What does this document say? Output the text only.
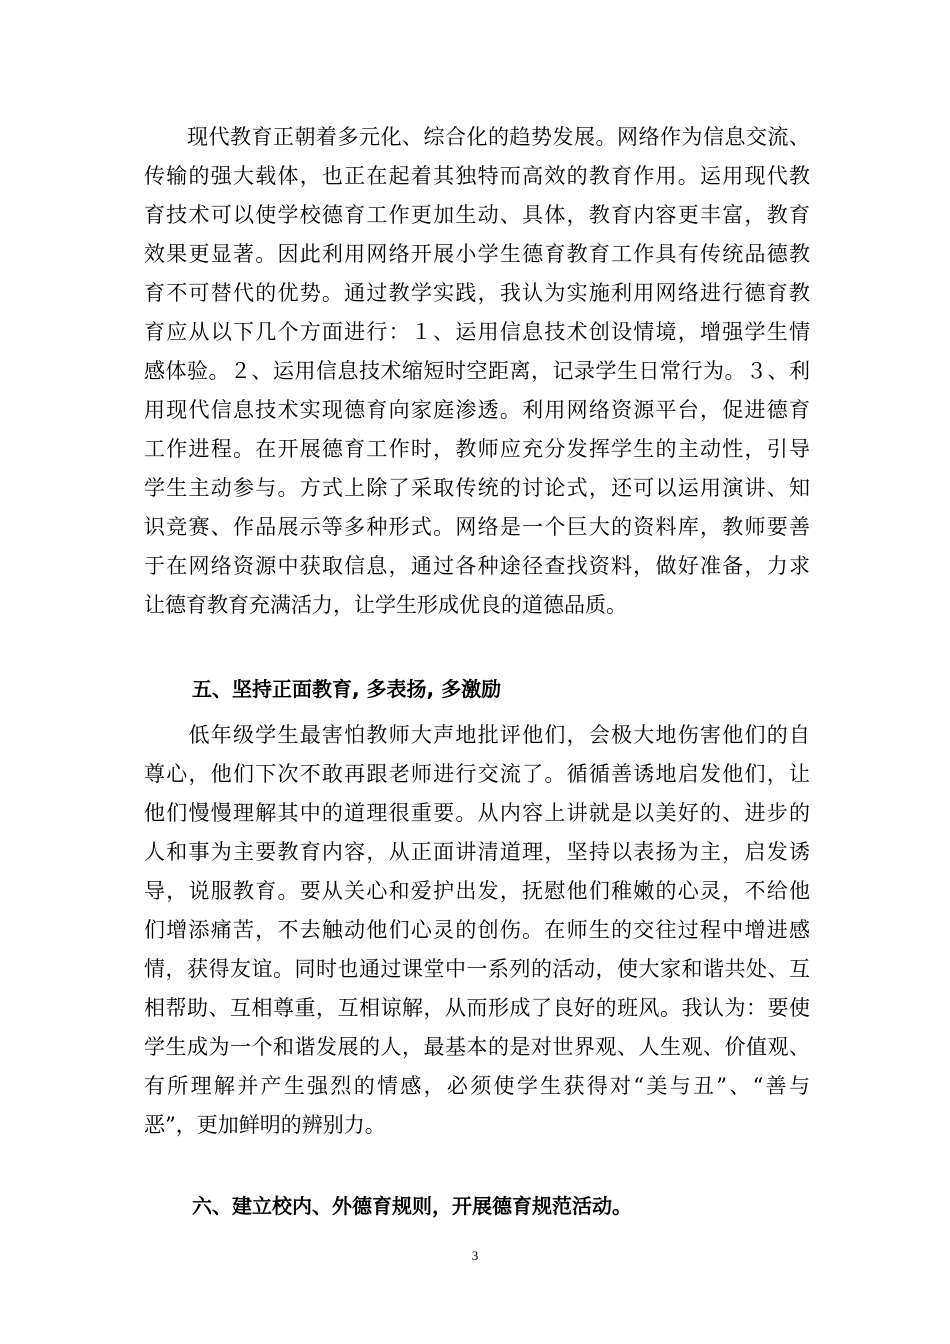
　　现代教育正朝着多元化、综合化的趋势发展。网络作为信息交流、
传输的强大载体，也正在起着其独特而高效的教育作用。运用现代教
育技术可以使学校德育工作更加生动、具体，教育内容更丰富，教育
效果更显著。因此利用网络开展小学生德育教育工作具有传统品德教
育不可替代的优势。通过教学实践，我认为实施利用网络进行德育教
育应从以下几个方面进行：１、运用信息技术创设情境，增强学生情
感体验。２、运用信息技术缩短时空距离，记录学生日常行为。３、利
用现代信息技术实现德育向家庭渗透。利用网络资源平台，促进德育
工作进程。在开展德育工作时，教师应充分发挥学生的主动性，引导
学生主动参与。方式上除了采取传统的讨论式，还可以运用演讲、知
识竞赛、作品展示等多种形式。网络是一个巨大的资料库，教师要善
于在网络资源中获取信息，通过各种途径查找资料，做好准备，力求
让德育教育充满活力，让学生形成优良的道德品质。
五、坚持正面教育, 多表扬, 多激励
　　低年级学生最害怕教师大声地批评他们，会极大地伤害他们的自
尊心，他们下次不敢再跟老师进行交流了。循循善诱地启发他们，让
他们慢慢理解其中的道理很重要。从内容上讲就是以美好的、进步的
人和事为主要教育内容，从正面讲清道理，坚持以表扬为主，启发诱
导，说服教育。要从关心和爱护出发，抚慰他们稚嫩的心灵，不给他
们增添痛苦，不去触动他们心灵的创伤。在师生的交往过程中增进感
情，获得友谊。同时也通过课堂中一系列的活动，使大家和谐共处、互
相帮助、互相尊重，互相谅解，从而形成了良好的班风。我认为：要使
学生成为一个和谐发展的人，最基本的是对世界观、人生观、价值观、
有所理解并产生强烈的情感，必须使学生获得对“美与丑”、“善与
恶”，更加鲜明的辨别力。
六、建立校内、外德育规则，开展德育规范活动。
3
